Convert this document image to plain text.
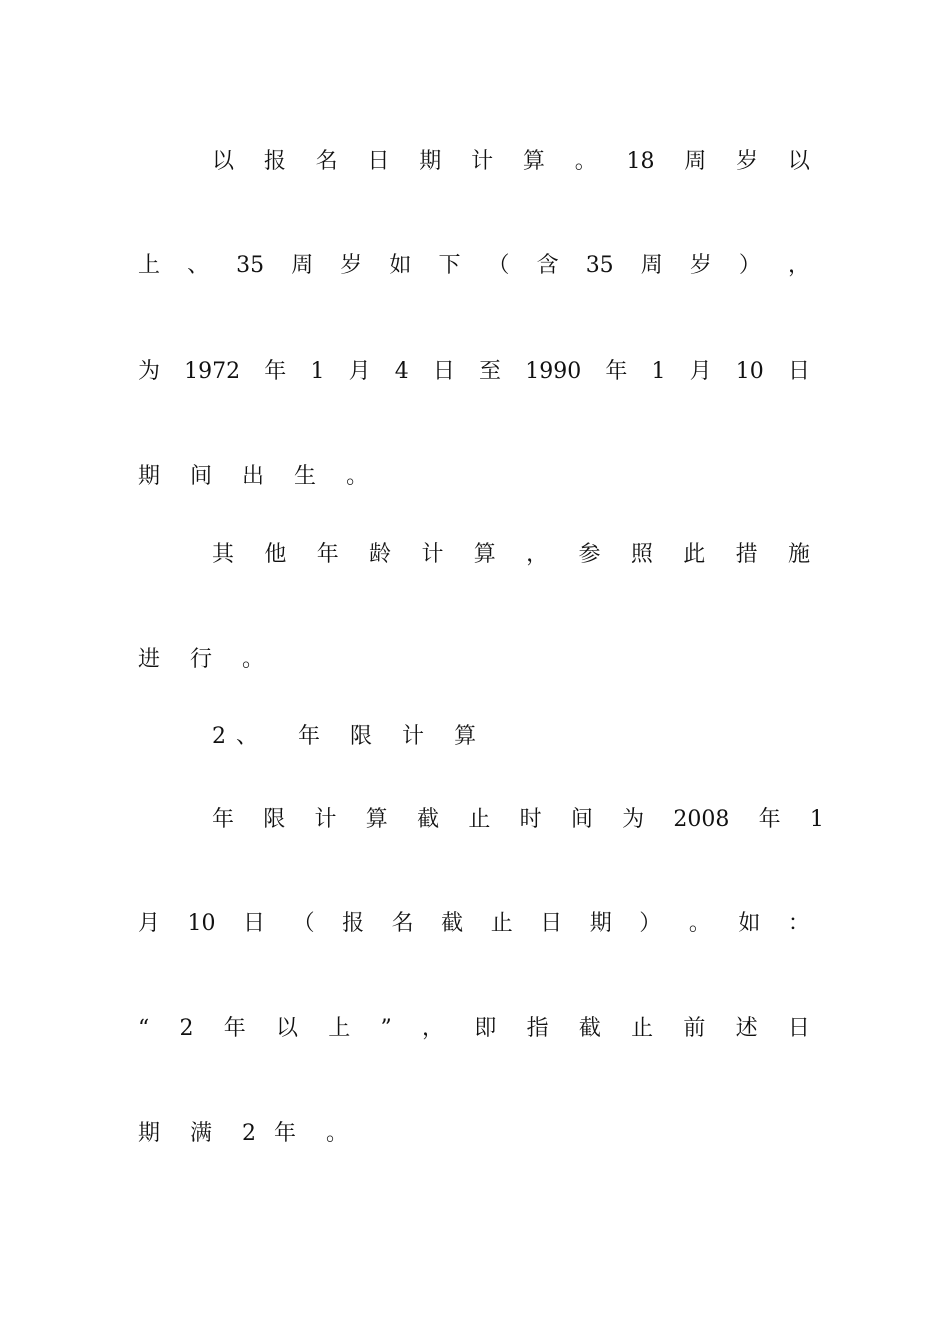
以 报 名 日 期 计 算 。 18 周 岁 以
上 、 35 周 岁 如 下 （ 含 35 周 岁 ） ，
为 1972 年 1 月 4 日 至 1990 年 1 月 10 日
期 间 出 生 。
其 他 年 龄 计 算 ， 参 照 此 措 施
进 行 。
2 、 年 限 计 算
年 限 计 算 截 止 时 间 为 2008 年 1
月 10 日 （ 报 名 截 止 日 期 ） 。 如 ：
“ 2 年 以 上 ” ， 即 指 截 止 前 述 日
期 满 2 年 。
